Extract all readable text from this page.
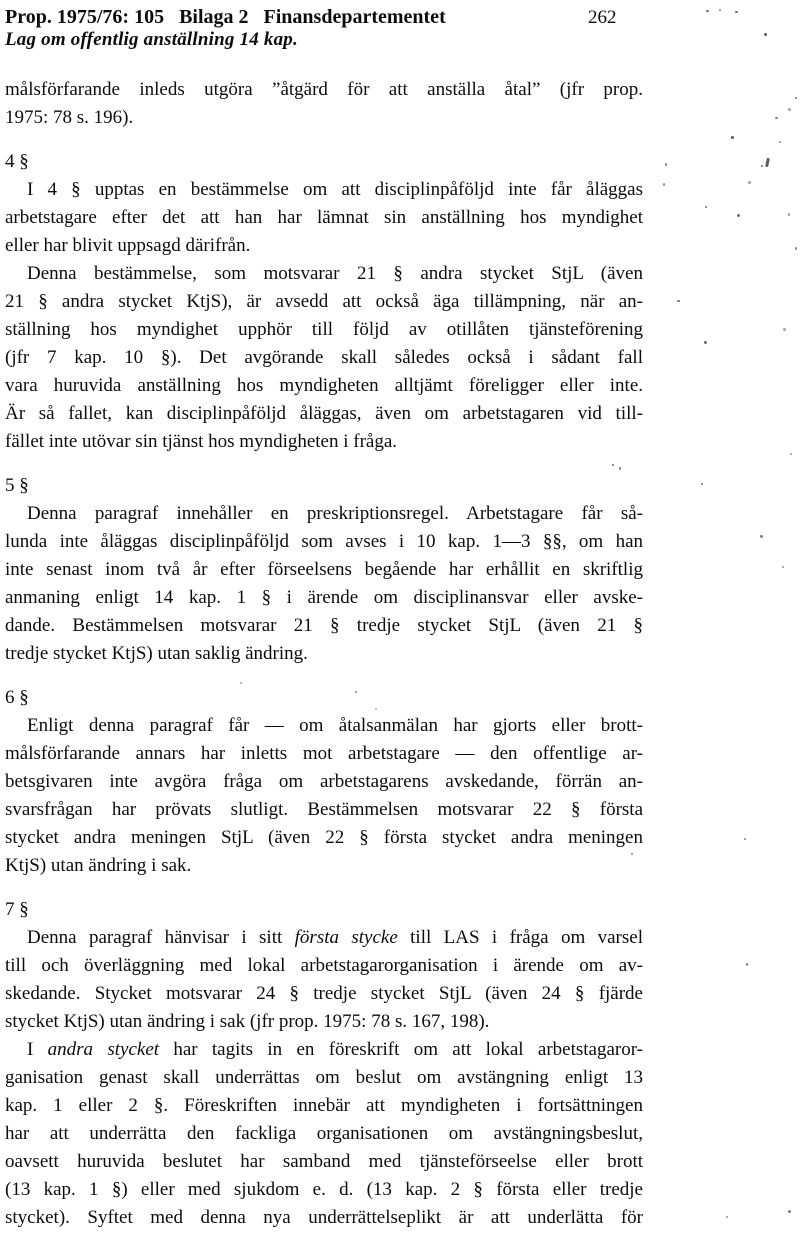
Prop. 1975/76: 105   Bilaga 2   Finansdepartementet	262
Lag om offentlig anställning 14 kap.
målsförfarande inleds utgöra ”åtgärd för att anställa åtal” (jfr prop.
1975: 78 s. 196).
4 §
I 4 § upptas en bestämmelse om att disciplinpåföljd inte får åläggas
arbetstagare efter det att han har lämnat sin anställning hos myndighet
eller har blivit uppsagd därifrån.
Denna bestämmelse, som motsvarar 21 § andra stycket StjL (även
21 § andra stycket KtjS), är avsedd att också äga tillämpning, när an-
ställning hos myndighet upphör till följd av otillåten tjänsteförening
(jfr 7 kap. 10 §). Det avgörande skall således också i sådant fall
vara huruvida anställning hos myndigheten alltjämt föreligger eller inte.
Är så fallet, kan disciplinpåföljd åläggas, även om arbetstagaren vid till-
fället inte utövar sin tjänst hos myndigheten i fråga.
5 §
Denna paragraf innehåller en preskriptionsregel. Arbetstagare får så-
lunda inte åläggas disciplinpåföljd som avses i 10 kap. 1—3 §§, om han
inte senast inom två år efter förseelsens begående har erhållit en skriftlig
anmaning enligt 14 kap. 1 § i ärende om disciplinansvar eller avske-
dande. Bestämmelsen motsvarar 21 § tredje stycket StjL (även 21 §
tredje stycket KtjS) utan saklig ändring.
6 §
Enligt denna paragraf får — om åtalsanmälan har gjorts eller brott-
målsförfarande annars har inletts mot arbetstagare — den offentlige ar-
betsgivaren inte avgöra fråga om arbetstagarens avskedande, förrän an-
svarsfrågan har prövats slutligt. Bestämmelsen motsvarar 22 § första
stycket andra meningen StjL (även 22 § första stycket andra meningen
KtjS) utan ändring i sak.
7 §
Denna paragraf hänvisar i sitt första stycke till LAS i fråga om varsel
till och överläggning med lokal arbetstagarorganisation i ärende om av-
skedande. Stycket motsvarar 24 § tredje stycket StjL (även 24 § fjärde
stycket KtjS) utan ändring i sak (jfr prop. 1975: 78 s. 167, 198).
I andra stycket har tagits in en föreskrift om att lokal arbetstagaror-
ganisation genast skall underrättas om beslut om avstängning enligt 13
kap. 1 eller 2 §. Föreskriften innebär att myndigheten i fortsättningen
har att underrätta den fackliga organisationen om avstängningsbeslut,
oavsett huruvida beslutet har samband med tjänsteförseelse eller brott
(13 kap. 1 §) eller med sjukdom e. d. (13 kap. 2 § första eller tredje
stycket). Syftet med denna nya underrättelseplikt är att underlätta för
